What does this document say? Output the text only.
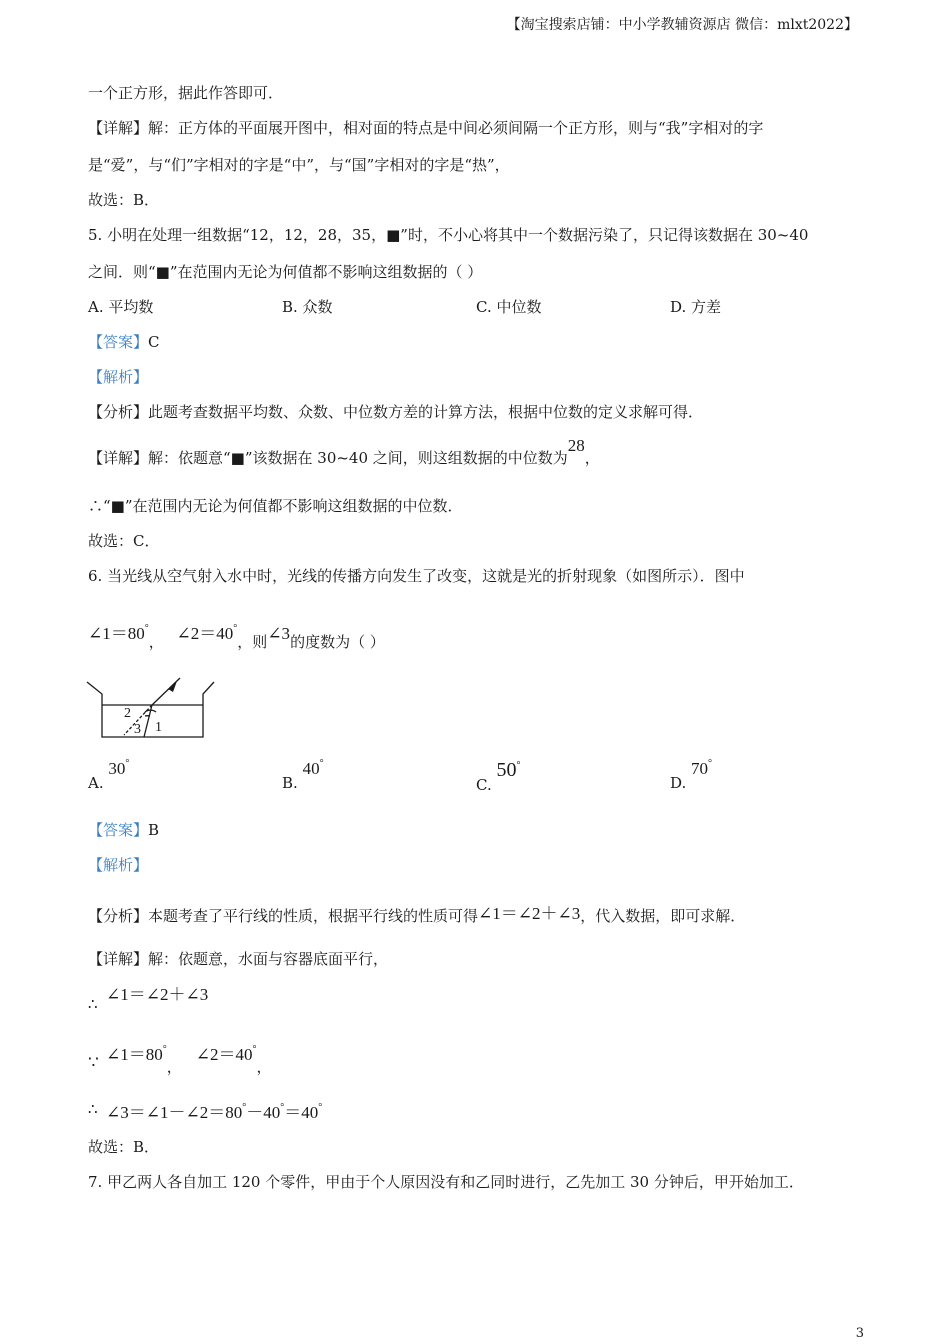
【淘宝搜索店铺：中小学教辅资源店 微信：mlxt2022】
一个正方形，据此作答即可．
【详解】解：正方体的平面展开图中，相对面的特点是中间必须间隔一个正方形，则与“我”字相对的字
是“爱”，与“们”字相对的字是“中”，与“国”字相对的字是“热”，
故选：B．
5. 小明在处理一组数据“12，12，28，35，■”时，不小心将其中一个数据污染了，只记得该数据在 30~40
之间．则“■”在范围内无论为何值都不影响这组数据的（ ）
A. 平均数	B. 众数	C. 中位数	D. 方差
【答案】C
【解析】
【分析】此题考查数据平均数、众数、中位数方差的计算方法，根据中位数的定义求解可得．
【详解】解：依题意“■”该数据在 30~40 之间，则这组数据的中位数为28，
∴“■”在范围内无论为何值都不影响这组数据的中位数．
故选：C．
6. 当光线从空气射入水中时，光线的传播方向发生了改变，这就是光的折射现象（如图所示）．图中
∠1＝80°， ∠2＝40°，则∠3的度数为（ ）
1
2
3
A. 30°
B. 40°
C. 50°
D. 70°
【答案】B
【解析】
【分析】本题考查了平行线的性质，根据平行线的性质可得∠1＝∠2＋∠3，代入数据，即可求解．
【详解】解：依题意，水面与容器底面平行，
∴ ∠1＝∠2＋∠3
∵ ∠1＝80°，∠2＝40°，
∴ ∠3＝∠1－∠2＝80°－40°＝40°
故选：B．
7. 甲乙两人各自加工 120 个零件，甲由于个人原因没有和乙同时进行，乙先加工 30 分钟后，甲开始加工．
3
